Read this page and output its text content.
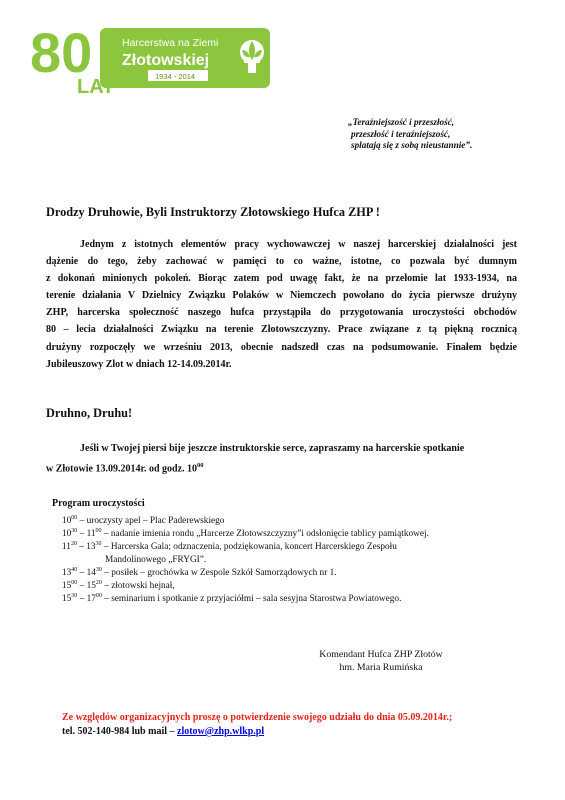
80
LAT
Harcerstwa na Ziemi
Złotowskiej
1934 - 2014
„Teraźniejszość i przeszłość,
przeszłość i teraźniejszość,
splatają się z sobą nieustannie”.
Drodzy Druhowie, Byli Instruktorzy Złotowskiego Hufca ZHP !
Jednym z istotnych elementów pracy wychowawczej w naszej harcerskiej działalności jest
dążenie do tego, żeby zachować w pamięci to co ważne, istotne, co pozwala być dumnym
z dokonań minionych pokoleń. Biorąc zatem pod uwagę fakt, że na przełomie lat 1933-1934, na
terenie działania V Dzielnicy Związku Polaków w Niemczech powołano do życia pierwsze drużyny
ZHP, harcerska społeczność naszego hufca przystąpiła do przygotowania uroczystości obchodów
80 – lecia działalności Związku na terenie Złotowszczyzny. Prace związane z tą piękną rocznicą
drużyny rozpoczęły we wrześniu 2013, obecnie nadszedł czas na podsumowanie. Finałem będzie
Jubileuszowy Zlot w dniach 12-14.09.2014r.
Druhno, Druhu!
Jeśli w Twojej piersi bije jeszcze instruktorskie serce, zapraszamy na harcerskie spotkanie
w Złotowie 13.09.2014r. od godz. $10^{00}$
Program uroczystości
$10^{00}$ – uroczysty apel – Plac Paderewskiego
$10^{30} - 11^{00}$ – nadanie imienia rondu „Harcerze Złotowszczyzny”i odsłonięcie tablicy pamiątkowej.
$11^{20} - 13^{30}$ – Harcerska Gala; odznaczenia, podziękowania, koncert Harcerskiego Zespołu
Mandolinowego „FRYGI”.
$13^{40} - 14^{30}$ – posiłek – grochówka w Zespole Szkół Samorządowych nr 1.
$15^{00} - 15^{20}$ – złotowski hejnał,
$15^{30} - 17^{00}$ – seminarium i spotkanie z przyjaciółmi – sala sesyjna Starostwa Powiatowego.
Komendant Hufca ZHP Złotów
hm. Maria Rumińska
Ze względów organizacyjnych proszę o potwierdzenie swojego udziału do dnia 05.09.2014r.;
tel. 502-140-984 lub mail – zlotow@zhp.wlkp.pl
